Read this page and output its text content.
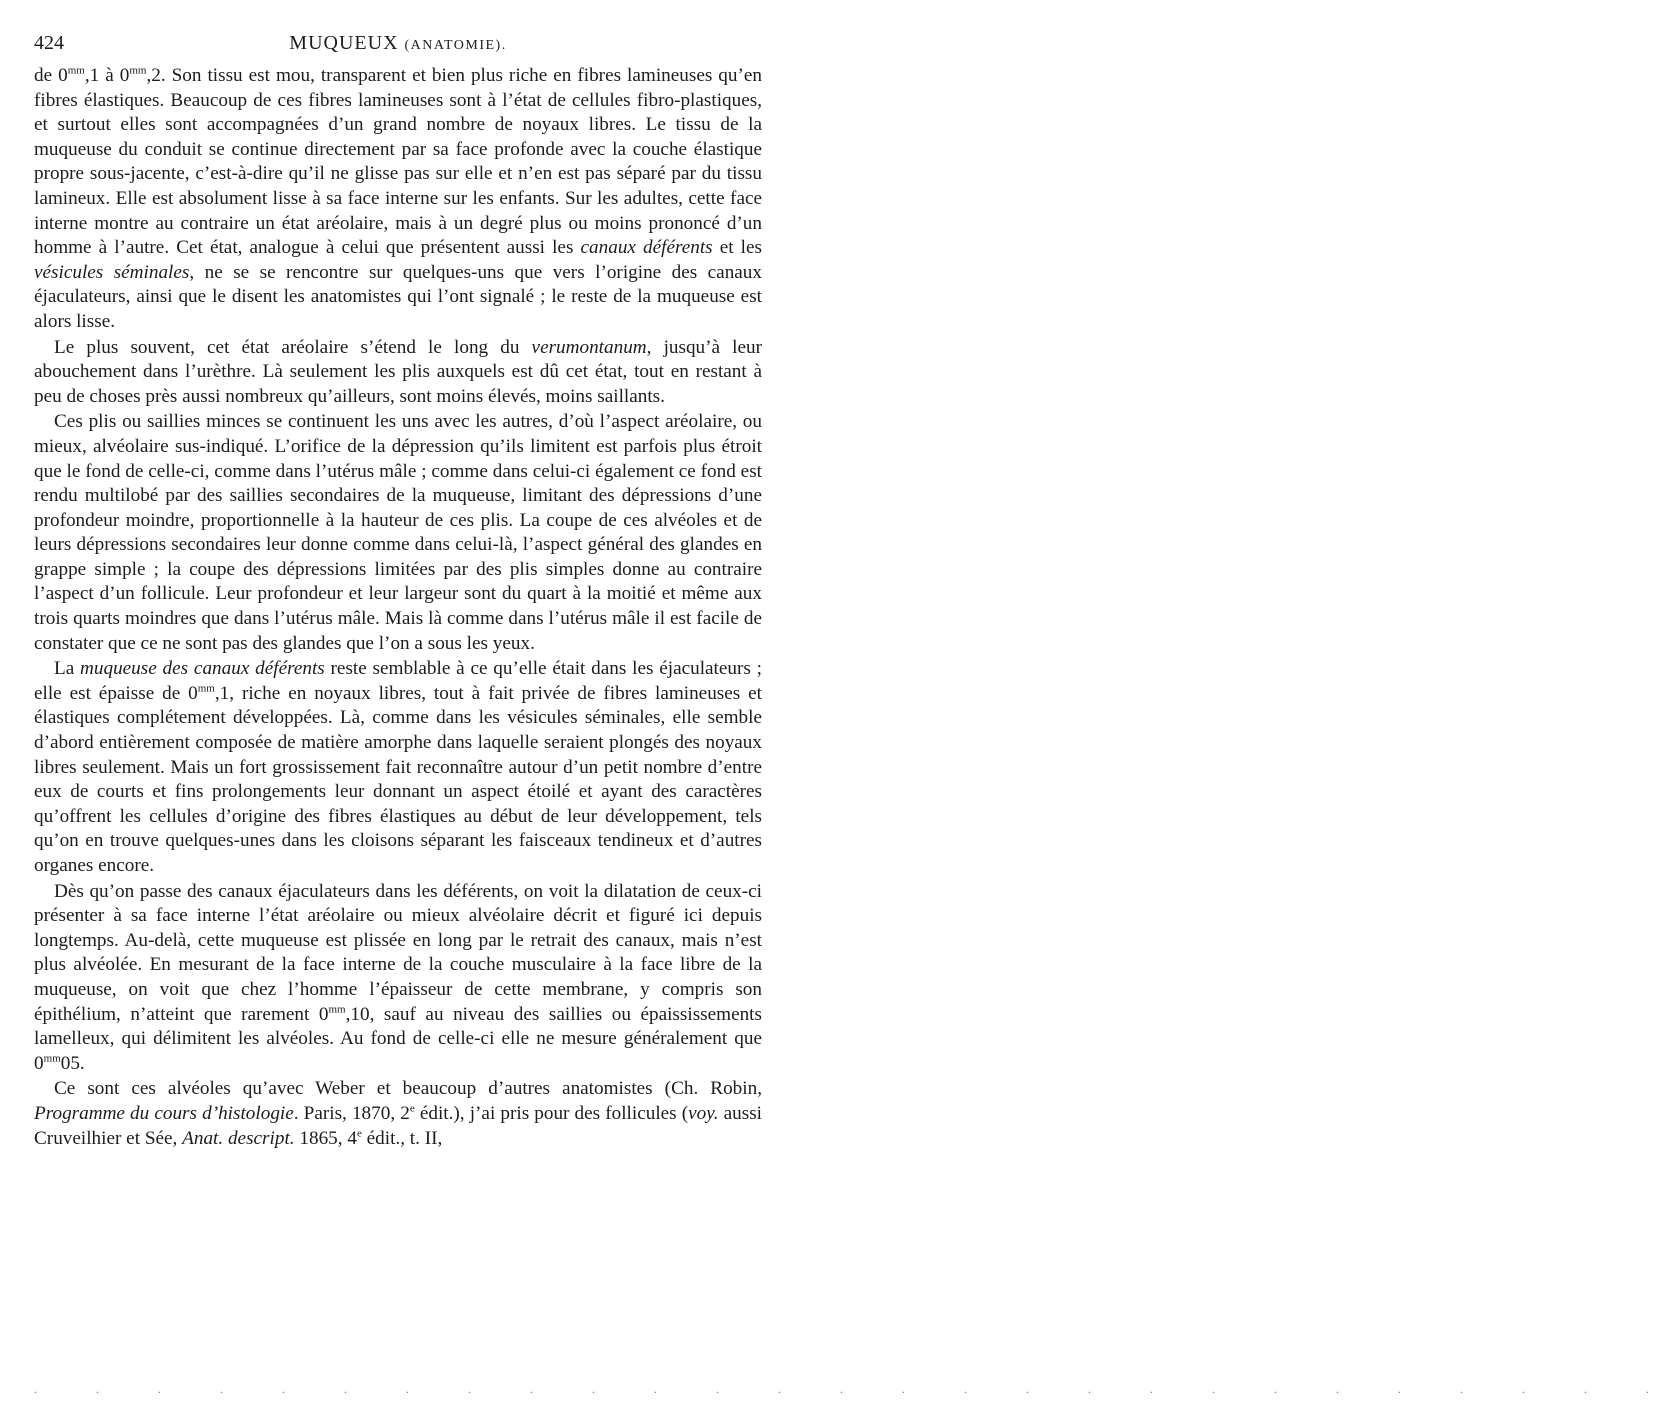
424	MUQUEUX (ANATOMIE).

de $0^{mm},1$ à $0^{mm},2$. Son tissu est mou, transparent et bien plus riche en fibres lamineuses qu’en fibres élastiques. Beaucoup de ces fibres lamineuses sont à l’état de cellules fibro-plastiques, et surtout elles sont accompagnées d’un grand nombre de noyaux libres. Le tissu de la muqueuse du conduit se continue directement par sa face profonde avec la couche élastique propre sous-jacente, c’est-à-dire qu’il ne glisse pas sur elle et n’en est pas séparé par du tissu lamineux. Elle est absolument lisse à sa face interne sur les enfants. Sur les adultes, cette face interne montre au contraire un état aréolaire, mais à un degré plus ou moins prononcé d’un homme à l’autre. Cet état, analogue à celui que présentent aussi les canaux déférents et les vésicules séminales, ne se se rencontre sur quelques-uns que vers l’origine des canaux éjaculateurs, ainsi que le disent les anatomistes qui l’ont signalé ; le reste de la muqueuse est alors lisse.

Le plus souvent, cet état aréolaire s’étend le long du verumontanum, jusqu’à leur abouchement dans l’urèthre. Là seulement les plis auxquels est dû cet état, tout en restant à peu de choses près aussi nombreux qu’ailleurs, sont moins élevés, moins saillants.

Ces plis ou saillies minces se continuent les uns avec les autres, d’où l’aspect aréolaire, ou mieux, alvéolaire sus-indiqué. L’orifice de la dépression qu’ils limitent est parfois plus étroit que le fond de celle-ci, comme dans l’utérus mâle ; comme dans celui-ci également ce fond est rendu multilobé par des saillies secondaires de la muqueuse, limitant des dépressions d’une profondeur moindre, proportionnelle à la hauteur de ces plis. La coupe de ces alvéoles et de leurs dépressions secondaires leur donne comme dans celui-là, l’aspect général des glandes en grappe simple ; la coupe des dépressions limitées par des plis simples donne au contraire l’aspect d’un follicule. Leur profondeur et leur largeur sont du quart à la moitié et même aux trois quarts moindres que dans l’utérus mâle. Mais là comme dans l’utérus mâle il est facile de constater que ce ne sont pas des glandes que l’on a sous les yeux.

La muqueuse des canaux déférents reste semblable à ce qu’elle était dans les éjaculateurs ; elle est épaisse de $0^{mm},1$, riche en noyaux libres, tout à fait privée de fibres lamineuses et élastiques complétement développées. Là, comme dans les vésicules séminales, elle semble d’abord entièrement composée de matière amorphe dans laquelle seraient plongés des noyaux libres seulement. Mais un fort grossissement fait reconnaître autour d’un petit nombre d’entre eux de courts et fins prolongements leur donnant un aspect étoilé et ayant des caractères qu’offrent les cellules d’origine des fibres élastiques au début de leur développement, tels qu’on en trouve quelques-unes dans les cloisons séparant les faisceaux tendineux et d’autres organes encore.

Dès qu’on passe des canaux éjaculateurs dans les déférents, on voit la dilatation de ceux-ci présenter à sa face interne l’état aréolaire ou mieux alvéolaire décrit et figuré ici depuis longtemps. Au-delà, cette muqueuse est plissée en long par le retrait des canaux, mais n’est plus alvéolée. En mesurant de la face interne de la couche musculaire à la face libre de la muqueuse, on voit que chez l’homme l’épaisseur de cette membrane, y compris son épithélium, n’atteint que rarement $0^{mm},10$, sauf au niveau des saillies ou épaississements lamelleux, qui délimitent les alvéoles. Au fond de celle-ci elle ne mesure généralement que $0^{mm}05$.

Ce sont ces alvéoles qu’avec Weber et beaucoup d’autres anatomistes (Ch. Robin, Programme du cours d’histologie. Paris, 1870, 2e édit.), j’ai pris pour des follicules (voy. aussi Cruveilhier et Sée, Anat. descript. 1865, 4e édit., t. II,

. . . . . . . . . . . . . . . . . . . . . . . . . . .
